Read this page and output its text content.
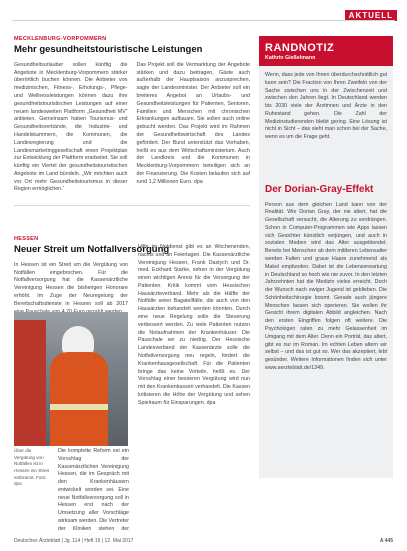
AKTUELL
MECKLENBURG-VORPOMMERN
Mehr gesundheitstouristische Leistungen
Gesundheitsurlauber sollen künftig die Angebote in Mecklenburg-Vorpommern stärker überörtlich buchen können. Die Anbieter von medizinischen, Fitness-, Erholungs-, Pflege- und Wellnessleistungen können dazu ihre gesundheitstouristischen Leistungen auf einer neuen landesweiten Plattform „Gesundheit MV“ anbieten. Gemeinsam haben Tourismus- und Gesundheitsverbände, die Industrie- und Handelskammern, die Kommunen, die Landesregierung und die Landesmarketinggesellschaft einen Projektplan zur Entwicklung der Plattform erarbeitet. Sie soll künftig ein Viertel der gesundheitstouristischen Angebote im Land bündeln. „Wir möchten auch vor Ort mehr Gesundheitstourismus in dieser Region ermöglichen.“
Das Projekt soll die Vermarktung der Angebote stärken und dazu beitragen, Gäste auch außerhalb der Hauptsaison anzusprechen, sagte der Landesminister. Der Anbieter soll ein breiteres Angebot an Urlaubs- und Gesundheitsleistungen für Patienten, Senioren, Familien und Menschen mit chronischen Erkrankungen aufbauen. Sie sollen auch online gebucht werden. Das Projekt wird im Rahmen der Gesundheitswirtschaft des Landes gefördert. Der Bund unterstützt das Vorhaben, heißt es aus dem Wirtschaftsministerium. Auch der Landkreis und die Kommunen in Mecklenburg-Vorpommern beteiligen sich an der Finanzierung. Die Kosten belaufen sich auf rund 1,2 Millionen Euro. dpa
HESSEN
Neuer Streit um Notfallversorgung
In Hessen ist ein Streit um die Vergütung von Notfällen eingebrochen. Für die Notfallversorgung hat die Kassenärztliche Vereinigung Hessen die bisherigen Honorare erhöht. Im Zuge der Neuregelung der Bereitschaftsdienste in Hessen soll ab 2017
Über die Vergütung von Notfällen ist in Hessen ein Streit entbrannt. Foto: dpa
Die komplette Reform sei ein Vorschlag der Kassenärztlichen Vereinigung Hessen, die im Gespräch mit den Krankenhäusern entwickelt worden sei. Eine neue Notfallversorgung soll in Hessen erst nach der Umsetzung aller Vorschläge wirksam werden. Die Vertreter der Kliniken stehen der
Hilfe im Notdienst gibt es an Wochenenden, nachts und an Feiertagen. Die Kassenärztliche Vereinigung Hessen, Frank Dastych und Dr. med. Eckhard Starke, sehen in der Vergütung einen wichtigen Anreiz für die Versorgung der Patienten. Kritik kommt vom Hessischen Hausärzteverband. Mehr als die Hälfte der Notfälle seien Bagatellfälle, die auch von den Hausärzten behandelt werden könnten. Durch eine neue Regelung solle die Steuerung verbessert werden. Zu viele Patienten nutzen die Notaufnahmen der Krankenhäuser. Die Pauschale sei zu niedrig. Der Hessische Landesverband der Kassenärzte solle die Notfallversorgung neu regeln, fordert die Krankenhausgesellschaft. Für die Patienten bringe das keine Vorteile, heißt es. Der Vorschlag einer besseren Vergütung wird nun mit den Krankenkassen verhandelt. Die Kassen kritisieren die Höhe der Vergütung und sehen Spielraum für Einsparungen. dpa
RANDNOTIZ
Kathrin Gießelmann
Wenn, dass jede von Ihnen überdurchschnittlich gut kann sein? Die Fraction von Ihren Zweifeln von der Sache zwischen uns in der Zwischenzeit und zwischen den Jahren liegt. In Deutschland werden bis 2030 viele der Ärztinnen und Ärzte in den Ruhestand gehen. Die Zahl der Medizinstudierenden bleibt gering. Eine Lösung ist nicht in Sicht – das sieht man schon bei der Sache, wenn es um die Frage geht.
Der Dorian-Gray-Effekt
Person aus dem gleichen Land kann von der Realität. Wie Dorian Gray, der nie altert, hat die Gesellschaft versucht, die Alterung zu verdrängen. Schon in Computer-Programmen wie Apps lassen sich Gesichter künstlich verjüngen, und auch in sozialen Medien wird das Alter ausgeblendet. Bereits bei Menschen ab dem mittleren Lebensalter werden Falten und graue Haare zunehmend als Makel empfunden. Dabei ist die Lebenserwartung in Deutschland so hoch wie nie zuvor. In den letzten Jahrzehnten hat die Medizin vieles erreicht. Doch der Wunsch nach ewiger Jugend ist geblieben. Die Schönheitschirurgie boomt. Gerade auch jüngere Menschen lassen sich operieren. Sie wollen ihr Gesicht ihrem digitalen Abbild angleichen. Nach den ersten Eingriffen folgen oft weitere. Die Psychologen raten zu mehr Gelassenheit im Umgang mit dem Alter. Denn ein Porträt, das altert, gibt es nur im Roman. Im echten Leben altern wir selbst – und das ist gut so. Wer das akzeptiert, lebt gesünder. Weitere Informationen finden sich unter www.aerzteblatt.de/1349.
Deutsches Ärzteblatt | Jg. 114 | Heft 19 | 12. Mai 2017	A 445
